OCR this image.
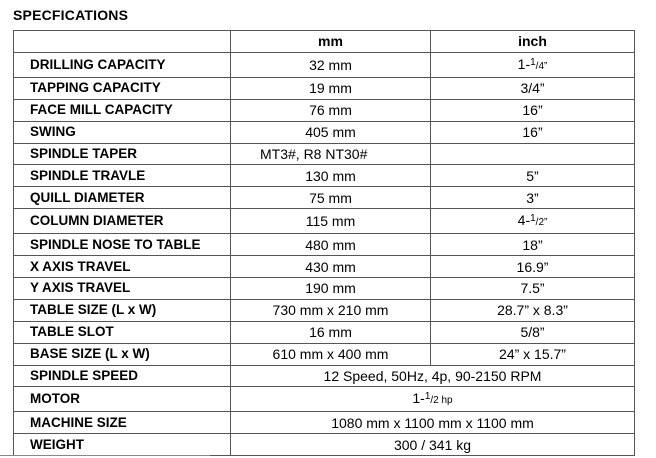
SPECFICATIONS
	mm	inch
DRILLING CAPACITY	32 mm	1-$^1$/4”
TAPPING CAPACITY	19 mm	3/4”
FACE MILL CAPACITY	76 mm	16”
SWING	405 mm	16”
SPINDLE TAPER	MT3#, R8 NT30#	
SPINDLE TRAVLE	130 mm	5”
QUILL DIAMETER	75 mm	3”
COLUMN DIAMETER	115 mm	4-$^1$/2”
SPINDLE NOSE TO TABLE	480 mm	18”
X AXIS TRAVEL	430 mm	16.9”
Y AXIS TRAVEL	190 mm	7.5”
TABLE SIZE (L x W)	730 mm x 210 mm	28.7” x 8.3”
TABLE SLOT	16 mm	5/8”
BASE SIZE (L x W)	610 mm x 400 mm	24” x 15.7”
SPINDLE SPEED	12 Speed, 50Hz, 4p, 90-2150 RPM	
MOTOR	1-$^1$/2 hp	
MACHINE SIZE	1080 mm x 1100 mm x 1100 mm	
WEIGHT	300 / 341 kg	
